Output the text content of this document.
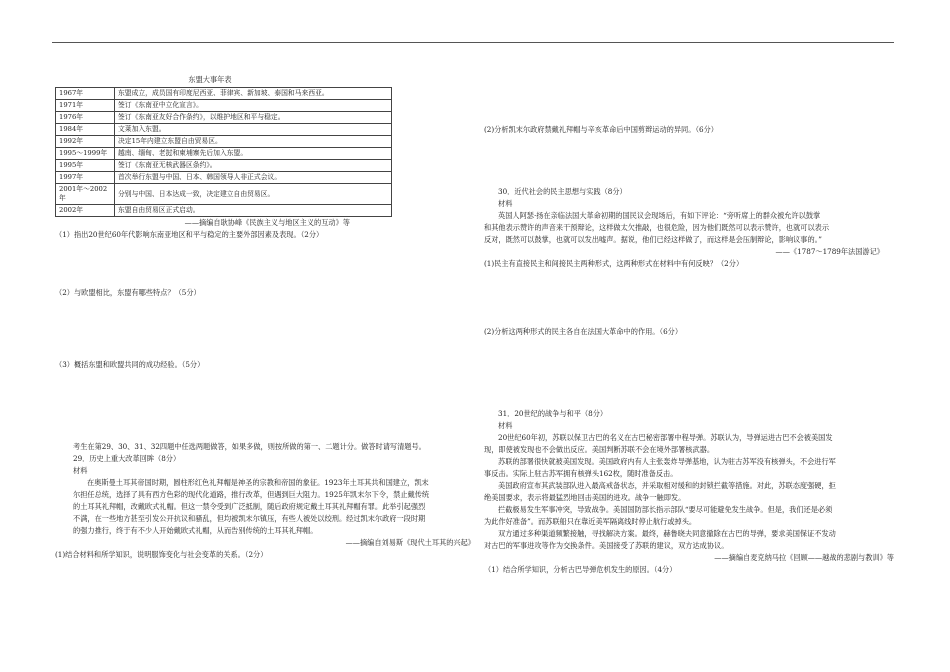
东盟大事年表
1967年	东盟成立，成员国有印度尼西亚、菲律宾、新加坡、泰国和马来西亚。
1971年	签订《东南亚中立化宣言》。
1976年	签订《东南亚友好合作条约》，以维护地区和平与稳定。
1984年	文莱加入东盟。
1992年	决定15年内建立东盟自由贸易区。
1995～1999年	越南、缅甸、老挝和柬埔寨先后加入东盟。
1995年	签订《东南亚无核武器区条约》。
1997年	首次举行东盟与中国、日本、韩国领导人非正式会议。
2001年～2002年	分别与中国、日本达成一致，决定建立自由贸易区。
2002年	东盟自由贸易区正式启动。
——摘编自耿协峰《民族主义与地区主义的互动》等
（1）指出20世纪60年代影响东南亚地区和平与稳定的主要外部因素及表现。（2分）
（2）与欧盟相比，东盟有哪些特点？（5分）
（3）概括东盟和欧盟共同的成功经验。（5分）
考生在第29、30、31、32四题中任选两题做答，如果多做，则按所做的第一、二题计分。做答时请写清题号。
29．历史上重大改革回眸（8分）
材料

在奥斯曼土耳其帝国时期，圆柱形红色礼拜帽是神圣的宗教和帝国的象征。1923年土耳其共和国建立，凯末

尔担任总统，选择了具有西方色彩的现代化道路，推行改革，但遇到巨大阻力。1925年凯末尔下令，禁止戴传统

的土耳其礼拜帽，改戴欧式礼帽。但这一禁令受到广泛抵制，随后政府规定戴土耳其礼拜帽有罪。此举引起强烈

不满，在一些地方甚至引发公开抗议和骚乱，但均被凯末尔镇压，有些人被处以绞刑。经过凯末尔政府一段时期

的强力推行，终于有不少人开始戴欧式礼帽，从而告别传统的土耳其礼拜帽。

——摘编自刘易斯《现代土耳其的兴起》
(1)结合材料和所学知识，说明服饰变化与社会变革的关系。（2分）
(2)分析凯末尔政府禁戴礼拜帽与辛亥革命后中国剪辫运动的异同。（6分）
30．近代社会的民主思想与实践（8分）
材料

英国人阿瑟·扬在亲临法国大革命初期的国民议会现场后，有如下评论：“旁听席上的群众被允许以鼓掌

和其他表示赞许的声音来干预辩论，这样做太欠推敲，也很危险，因为他们既然可以表示赞许，也就可以表示

反对，既然可以鼓掌，也就可以发出嘘声。据说，他们已经这样做了，而这样是会压制辩论，影响议事的。”

——《1787～1789年法国游记》
(1)民主有直接民主和间接民主两种形式，这两种形式在材料中有何反映？（2分）
(2)分析这两种形式的民主各自在法国大革命中的作用。（6分）
31．20世纪的战争与和平（8分）
材料

20世纪60年初，苏联以保卫古巴的名义在古巴秘密部署中程导弹。苏联认为，导弹运进古巴不会被美国发

现，即使被发现也不会做出反应。美国判断苏联不会在境外部署核武器。

苏联的部署很快就被美国发现。美国政府内有人主张轰炸导弹基地，认为驻古苏军没有核弹头，不会进行军

事反击。实际上驻古苏军拥有核弹头162枚，随时准备反击。

美国政府宣布其武装部队进入最高戒备状态，并采取相对缓和的封锁拦截等措施。对此，苏联态度强硬，拒

绝美国要求，表示将最猛烈地回击美国的进攻。战争一触即发。

拦截极易发生军事冲突，导致战争。美国国防部长指示部队“要尽可能避免发生战争。但是，我们还是必须

为此作好准备”。而苏联船只在靠近美军隔离线时停止航行或掉头。

双方通过多种渠道频繁接触，寻找解决方案。最终，赫鲁晓夫同意撤除在古巴的导弹，要求美国保证不发动

对古巴的军事进攻等作为交换条件。美国接受了苏联的建议，双方达成协议。

——摘编自麦克纳马拉《回顾——越战的悲剧与教训》等
（1）结合所学知识，分析古巴导弹危机发生的原因。（4分）
